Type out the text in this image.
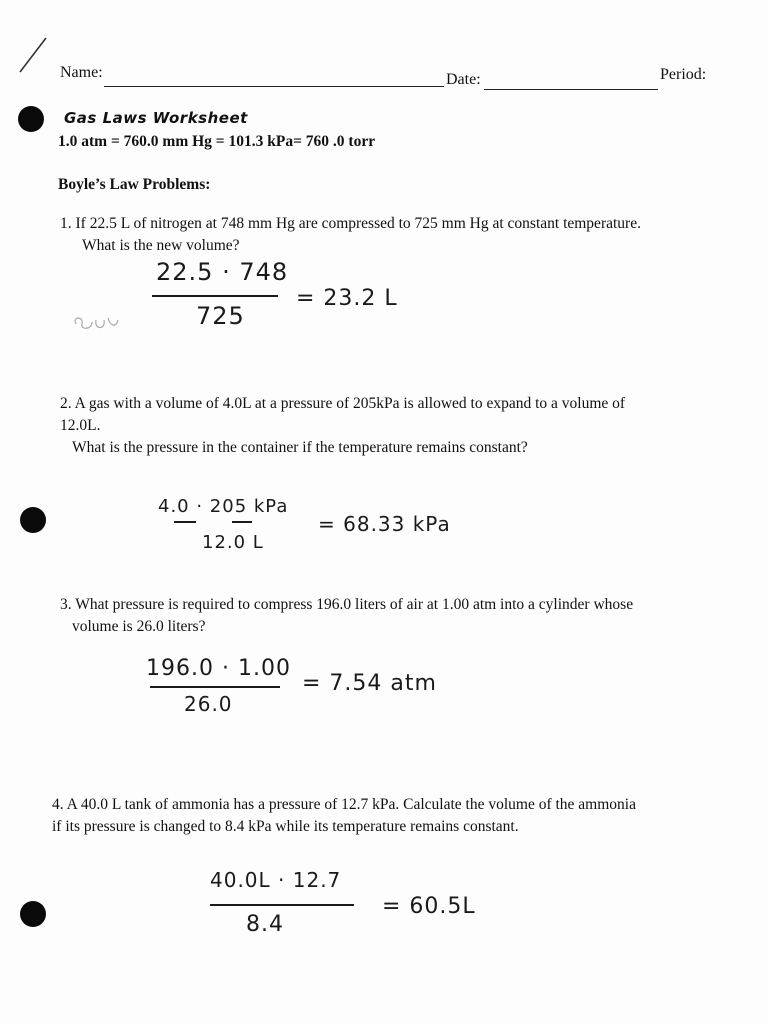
Name:	Date:	Period:
Gas Laws Worksheet
1.0 atm = 760.0 mm Hg = 101.3 kPa= 760 .0 torr
Boyle’s Law Problems:
1. If 22.5 L of nitrogen at 748 mm Hg are compressed to 725 mm Hg at constant temperature.
What is the new volume?
22.5 · 748
725
= 23.2 L
2. A gas with a volume of 4.0L at a pressure of 205kPa is allowed to expand to a volume of
12.0L.
What is the pressure in the container if the temperature remains constant?
4.0 · 205 kPa
12.0 L
= 68.33 kPa
3. What pressure is required to compress 196.0 liters of air at 1.00 atm into a cylinder whose
volume is 26.0 liters?
196.0 · 1.00
26.0
= 7.54 atm
4. A 40.0 L tank of ammonia has a pressure of 12.7 kPa. Calculate the volume of the ammonia
if its pressure is changed to 8.4 kPa while its temperature remains constant.
40.0L · 12.7
8.4
= 60.5L
